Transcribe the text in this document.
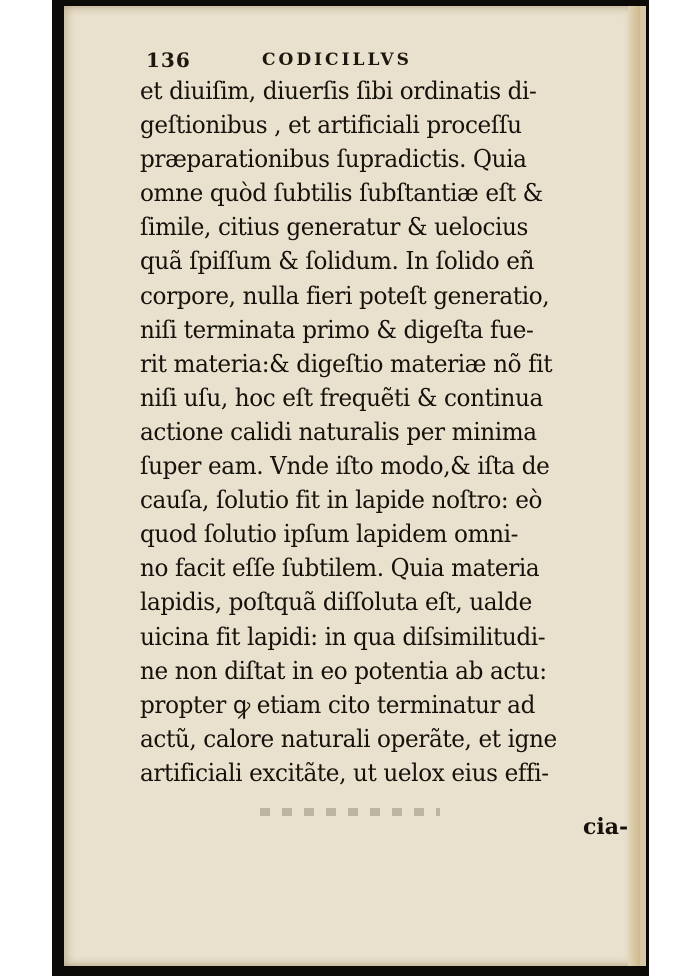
136	CODICILLVS
et diuiſim, diuerſis ſibi ordinatis di-
geſtionibus , et artificiali proceſſu
præparationibus ſupradictis. Quia
omne quòd ſubtilis ſubſtantiæ eſt &
ſimile, citius generatur & uelocius
quã ſpiſſum & ſolidum. In ſolido eñ
corpore, nulla fieri poteſt generatio,
niſi terminata primo & digeſta fue-
rit materia:& digeſtio materiæ nõ fit
niſi uſu, hoc eſt frequẽti & continua
actione calidi naturalis per minima
ſuper eam. Vnde iſto modo,& iſta de
cauſa, ſolutio fit in lapide noſtro: eò
quod ſolutio ipſum lapidem omni-
no facit eſſe ſubtilem. Quia materia
lapidis, poſtquã diſſoluta eſt, ualde
uicina fit lapidi: in qua diſsimilitudi-
ne non diſtat in eo potentia ab actu:
propter ꝙ etiam cito terminatur ad
actũ, calore naturali operãte, et igne
artificiali excitãte, ut uelox eius effi-
cia-
